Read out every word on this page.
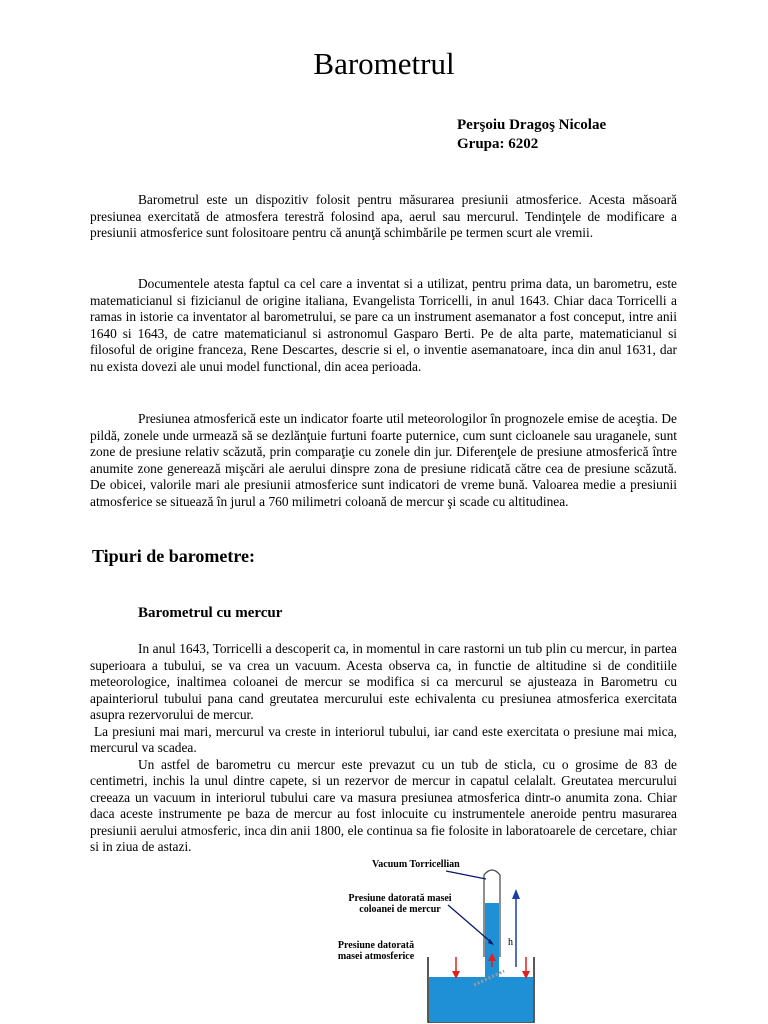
Barometrul
Perşoiu Dragoş Nicolae
Grupa: 6202

Barometrul este un dispozitiv folosit pentru măsurarea presiunii atmosferice. Acesta măsoară presiunea exercitată de atmosfera terestră folosind apa, aerul sau mercurul. Tendinţele de modificare a presiunii atmosferice sunt folositoare pentru că anunţă schimbările pe termen scurt ale vremii.

Documentele atesta faptul ca cel care a inventat si a utilizat, pentru prima data, un barometru, este matematicianul si fizicianul de origine italiana, Evangelista Torricelli, in anul 1643. Chiar daca Torricelli a ramas in istorie ca inventator al barometrului, se pare ca un instrument asemanator a fost conceput, intre anii 1640 si 1643, de catre matematicianul si astronomul Gasparo Berti. Pe de alta parte, matematicianul si filosoful de origine franceza, Rene Descartes, descrie si el, o inventie asemanatoare, inca din anul 1631, dar nu exista dovezi ale unui model functional, din acea perioada.

Presiunea atmosferică este un indicator foarte util meteorologilor în prognozele emise de aceştia. De pildă, zonele unde urmează să se dezlănţuie furtuni foarte puternice, cum sunt cicloanele sau uraganele, sunt zone de presiune relativ scăzută, prin comparaţie cu zonele din jur. Diferenţele de presiune atmosferică între anumite zone generează mişcări ale aerului dinspre zona de presiune ridicată către cea de presiune scăzută. De obicei, valorile mari ale presiunii atmosferice sunt indicatori de vreme bună. Valoarea medie a presiunii atmosferice se situează în jurul a 760 milimetri coloană de mercur şi scade cu altitudinea.

Tipuri de barometre:
Barometrul cu mercur

In anul 1643, Torricelli a descoperit ca, in momentul in care rastorni un tub plin cu mercur, in partea superioara a tubului, se va crea un vacuum. Acesta observa ca, in functie de altitudine si de conditiile meteorologice, inaltimea coloanei de mercur se modifica si ca mercurul se ajusteaza in Barometru cu apainteriorul tubului pana cand greutatea mercurului este echivalenta cu presiunea atmosferica exercitata asupra rezervorului de mercur.

La presiuni mai mari, mercurul va creste in interiorul tubului, iar cand este exercitata o presiune mai mica, mercurul va scadea.

Un astfel de barometru cu mercur este prevazut cu un tub de sticla, cu o grosime de 83 de centimetri, inchis la unul dintre capete, si un rezervor de mercur in capatul celalalt. Greutatea mercurului creeaza un vacuum in interiorul tubului care va masura presiunea atmosferica dintr-o anumita zona. Chiar daca aceste instrumente pe baza de mercur au fost inlocuite cu instrumentele aneroide pentru masurarea presiunii aerului atmosferic, inca din anii 1800, ele continua sa fie folosite in laboratoarele de cercetare, chiar si in ziua de astazi.

Vacuum Torricellian
Presiune datorată masei coloanei de mercur
Presiune datorată masei atmosferice
h
